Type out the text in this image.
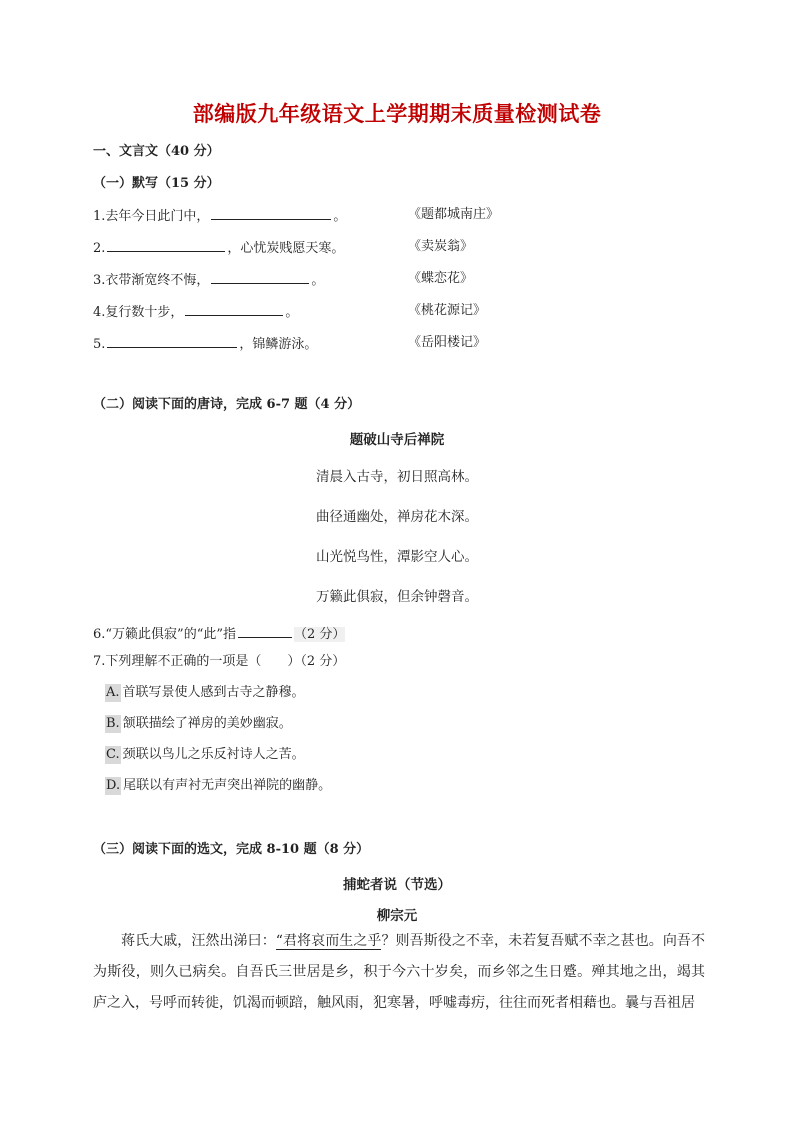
部编版九年级语文上学期期末质量检测试卷
一、文言文（40 分）
（一）默写（15 分）
1.去年今日此门中，	。	《题都城南庄》
2.	，心忧炭贱愿天寒。	《卖炭翁》
3.衣带渐宽终不悔，	。	《蝶恋花》
4.复行数十步，	。	《桃花源记》
5.	，锦鳞游泳。	《岳阳楼记》
（二）阅读下面的唐诗，完成 6-7 题（4 分）
题破山寺后禅院
清晨入古寺，初日照高林。
曲径通幽处，禅房花木深。
山光悦鸟性，潭影空人心。
万籁此俱寂，但余钟磬音。
6.“万籁此俱寂”的“此”指	（2 分）
7.下列理解不正确的一项是（　　）（2 分）
A. 首联写景使人感到古寺之静穆。
B. 颔联描绘了禅房的美妙幽寂。
C. 颈联以鸟儿之乐反衬诗人之苦。
D. 尾联以有声衬无声突出禅院的幽静。
（三）阅读下面的选文，完成 8-10 题（8 分）
捕蛇者说（节选）
柳宗元
蒋氏大戚，汪然出涕曰：“君将哀而生之乎？则吾斯役之不幸，未若复吾赋不幸之甚也。向吾不为斯役，则久已病矣。自吾氏三世居是乡，积于今六十岁矣，而乡邻之生日蹙。殚其地之出，竭其庐之入，号呼而转徙，饥渴而顿踣，触风雨，犯寒暑，呼嘘毒疠，往往而死者相藉也。曩与吾祖居
